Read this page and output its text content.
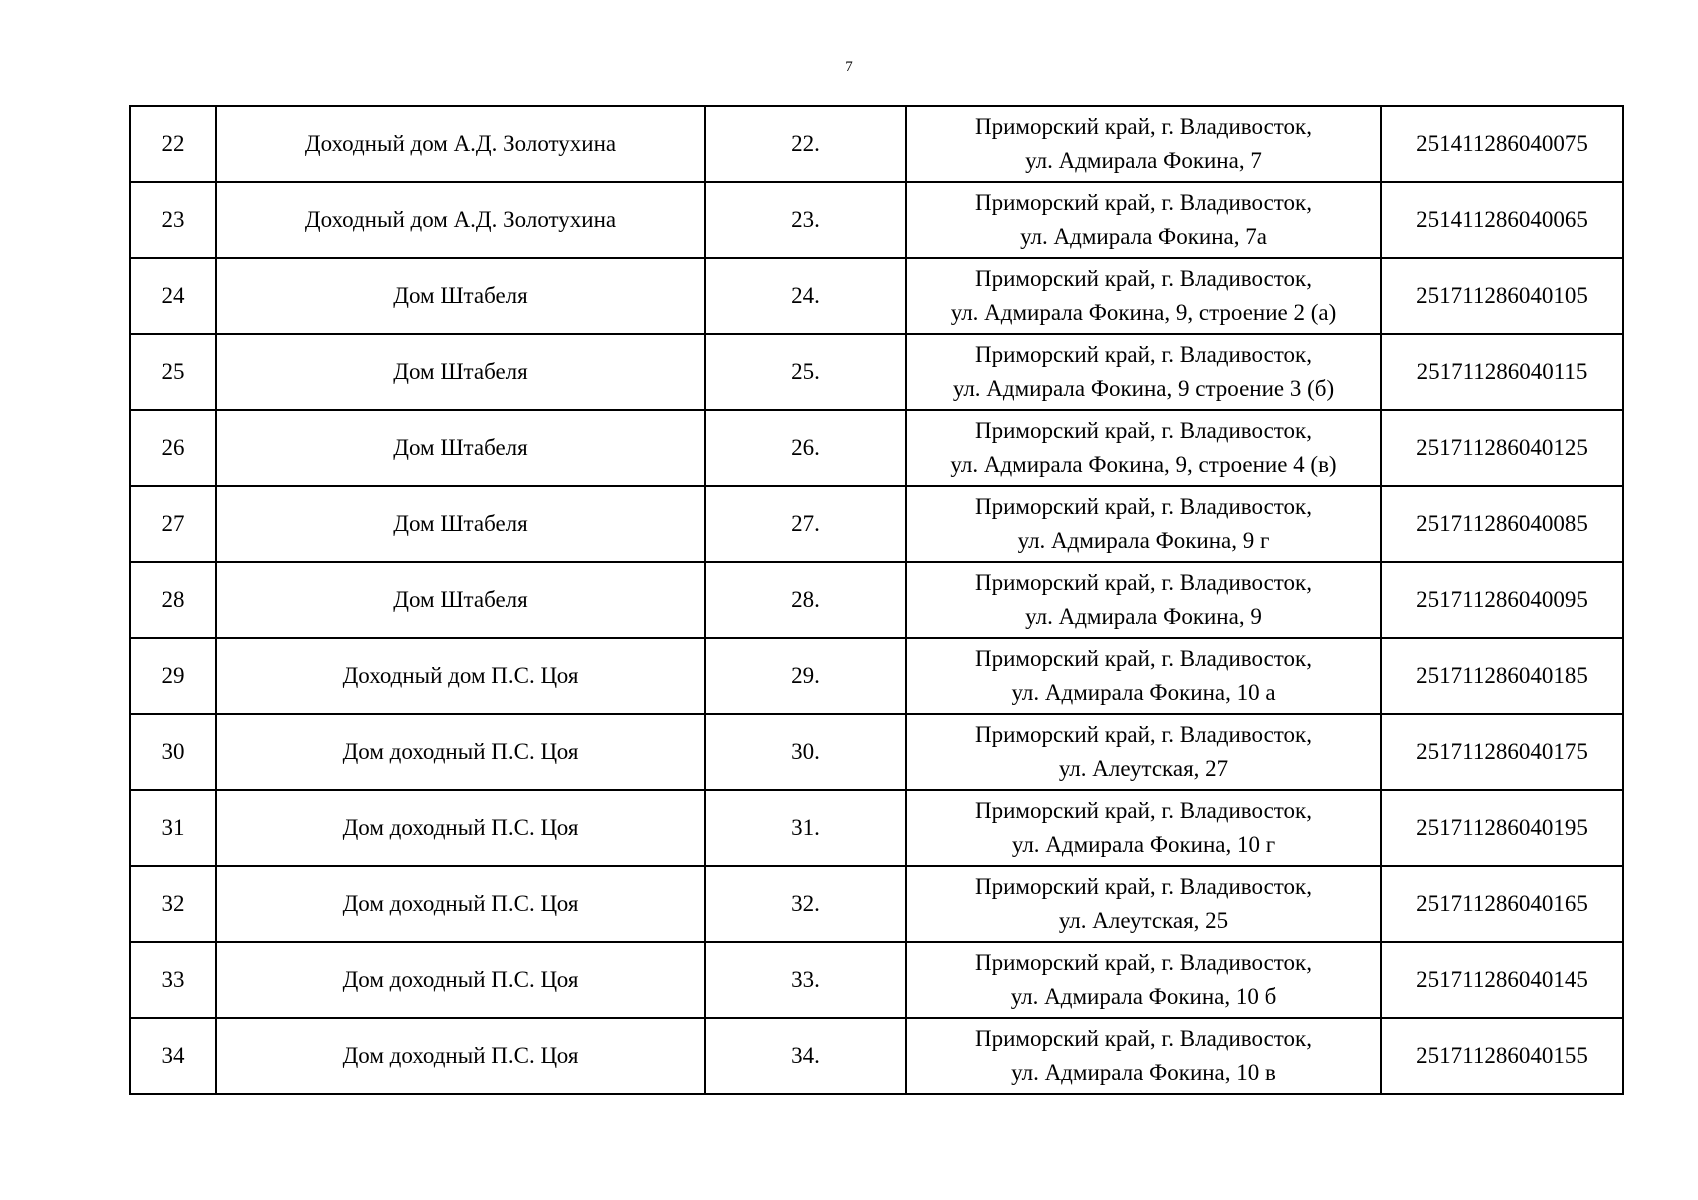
7
22	Доходный дом А.Д. Золотухина	22.	Приморский край, г. Владивосток,
ул. Адмирала Фокина, 7	251411286040075
23	Доходный дом А.Д. Золотухина	23.	Приморский край, г. Владивосток,
ул. Адмирала Фокина, 7а	251411286040065
24	Дом Штабеля	24.	Приморский край, г. Владивосток,
ул. Адмирала Фокина, 9, строение 2 (а)	251711286040105
25	Дом Штабеля	25.	Приморский край, г. Владивосток,
ул. Адмирала Фокина, 9 строение 3 (б)	251711286040115
26	Дом Штабеля	26.	Приморский край, г. Владивосток,
ул. Адмирала Фокина, 9, строение 4 (в)	251711286040125
27	Дом Штабеля	27.	Приморский край, г. Владивосток,
ул. Адмирала Фокина, 9 г	251711286040085
28	Дом Штабеля	28.	Приморский край, г. Владивосток,
ул. Адмирала Фокина, 9	251711286040095
29	Доходный дом П.С. Цоя	29.	Приморский край, г. Владивосток,
ул. Адмирала Фокина, 10 а	251711286040185
30	Дом доходный П.С. Цоя	30.	Приморский край, г. Владивосток,
ул. Алеутская, 27	251711286040175
31	Дом доходный П.С. Цоя	31.	Приморский край, г. Владивосток,
ул. Адмирала Фокина, 10 г	251711286040195
32	Дом доходный П.С. Цоя	32.	Приморский край, г. Владивосток,
ул. Алеутская, 25	251711286040165
33	Дом доходный П.С. Цоя	33.	Приморский край, г. Владивосток,
ул. Адмирала Фокина, 10 б	251711286040145
34	Дом доходный П.С. Цоя	34.	Приморский край, г. Владивосток,
ул. Адмирала Фокина, 10 в	251711286040155
